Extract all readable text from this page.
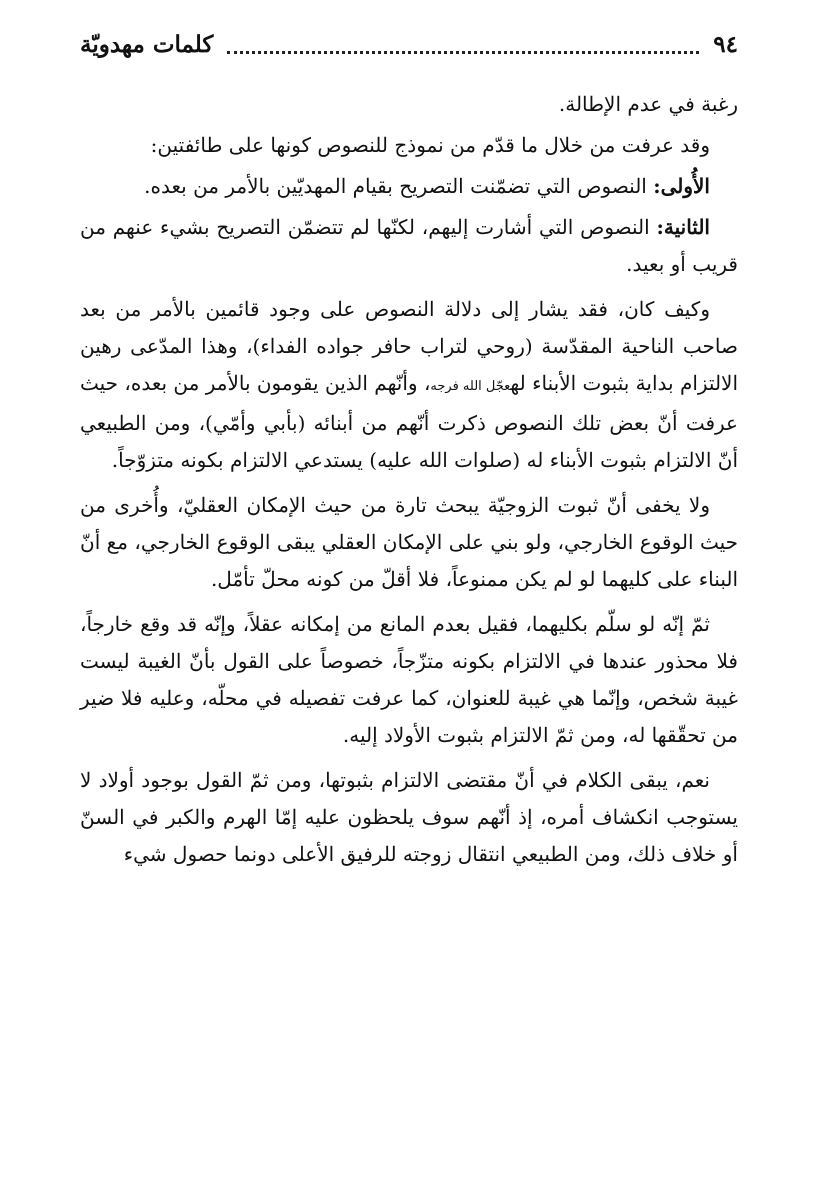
٩٤
كلمات مهدويّة

رغبة في عدم الإطالة.

وقد عرفت من خلال ما قدّم من نموذج للنصوص كونها على طائفتين:

الأُولى: النصوص التي تضمّنت التصريح بقيام المهديّين بالأمر من بعده.

الثانية: النصوص التي أشارت إليهم، لكنّها لم تتضمّن التصريح بشيء عنهم من قريب أو بعيد.

وكيف كان، فقد يشار إلى دلالة النصوص على وجود قائمين بالأمر من بعد صاحب الناحية المقدّسة (روحي لتراب حافر جواده الفداء)، وهذا المدّعى رهين الالتزام بداية بثبوت الأبناء لهعجّل الله فرجه، وأنّهم الذين يقومون بالأمر من بعده، حيث عرفت أنّ بعض تلك النصوص ذكرت أنّهم من أبنائه (بأبي وأمّي)، ومن الطبيعي أنّ الالتزام بثبوت الأبناء له (صلوات الله عليه) يستدعي الالتزام بكونه متزوّجاً.

ولا يخفى أنّ ثبوت الزوجيّة يبحث تارة من حيث الإمكان العقليّ، وأُخرى من حيث الوقوع الخارجي، ولو بني على الإمكان العقلي يبقى الوقوع الخارجي، مع أنّ البناء على كليهما لو لم يكن ممنوعاً، فلا أقلّ من كونه محلّ تأمّل.

ثمّ إنّه لو سلّم بكليهما، فقيل بعدم المانع من إمكانه عقلاً، وإنّه قد وقع خارجاً، فلا محذور عندها في الالتزام بكونه متزّجاً، خصوصاً على القول بأنّ الغيبة ليست غيبة شخص، وإنّما هي غيبة للعنوان، كما عرفت تفصيله في محلّه، وعليه فلا ضير من تحقّقها له، ومن ثمّ الالتزام بثبوت الأولاد إليه.

نعم، يبقى الكلام في أنّ مقتضى الالتزام بثبوتها، ومن ثمّ القول بوجود أولاد لا يستوجب انكشاف أمره، إذ أنّهم سوف يلحظون عليه إمّا الهرم والكبر في السنّ أو خلاف ذلك، ومن الطبيعي انتقال زوجته للرفيق الأعلى دونما حصول شيء
